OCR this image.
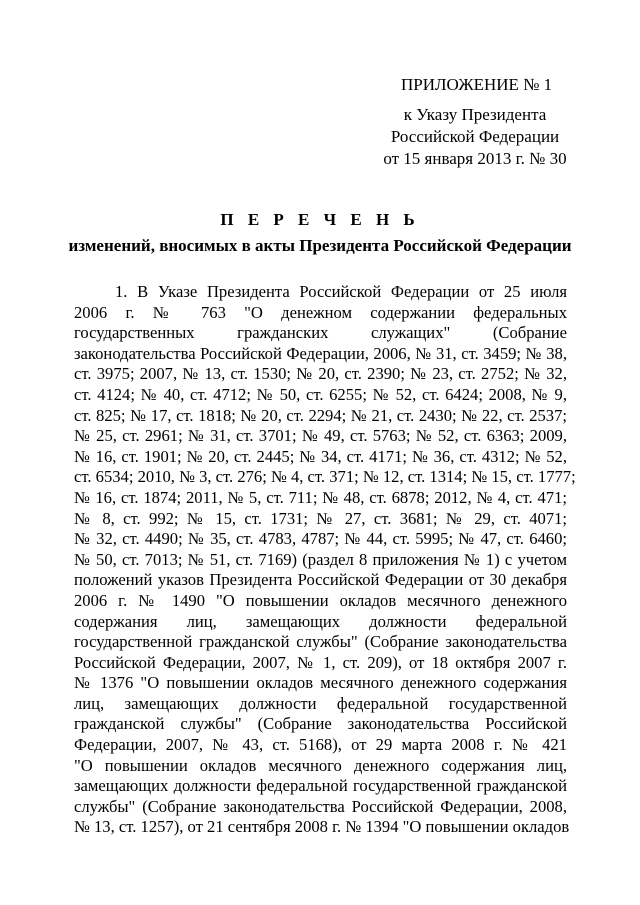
ПРИЛОЖЕНИЕ № 1
к Указу Президента
Российской Федерации
от 15 января 2013 г. № 30
П Е Р Е Ч Е Н Ь
изменений, вносимых в акты Президента Российской Федерации
1. В Указе Президента Российской Федерации от 25 июля
2006 г. № 763 "О денежном содержании федеральных
государственных гражданских служащих" (Собрание
законодательства Российской Федерации, 2006, № 31, ст. 3459; № 38,
ст. 3975; 2007, № 13, ст. 1530; № 20, ст. 2390; № 23, ст. 2752; № 32,
ст. 4124; № 40, ст. 4712; № 50, ст. 6255; № 52, ст. 6424; 2008, № 9,
ст. 825; № 17, ст. 1818; № 20, ст. 2294; № 21, ст. 2430; № 22, ст. 2537;
№ 25, ст. 2961; № 31, ст. 3701; № 49, ст. 5763; № 52, ст. 6363; 2009,
№ 16, ст. 1901; № 20, ст. 2445; № 34, ст. 4171; № 36, ст. 4312; № 52,
ст. 6534; 2010, № 3, ст. 276; № 4, ст. 371; № 12, ст. 1314; № 15, ст. 1777;
№ 16, ст. 1874; 2011, № 5, ст. 711; № 48, ст. 6878; 2012, № 4, ст. 471;
№ 8, ст. 992; № 15, ст. 1731; № 27, ст. 3681; № 29, ст. 4071;
№ 32, ст. 4490; № 35, ст. 4783, 4787; № 44, ст. 5995; № 47, ст. 6460;
№ 50, ст. 7013; № 51, ст. 7169) (раздел 8 приложения № 1) с учетом
положений указов Президента Российской Федерации от 30 декабря
2006 г. № 1490 "О повышении окладов месячного денежного
содержания лиц, замещающих должности федеральной
государственной гражданской службы" (Собрание законодательства
Российской Федерации, 2007, № 1, ст. 209), от 18 октября 2007 г.
№ 1376 "О повышении окладов месячного денежного содержания
лиц, замещающих должности федеральной государственной
гражданской службы" (Собрание законодательства Российской
Федерации, 2007, № 43, ст. 5168), от 29 марта 2008 г. № 421
"О повышении окладов месячного денежного содержания лиц,
замещающих должности федеральной государственной гражданской
службы" (Собрание законодательства Российской Федерации, 2008,
№ 13, ст. 1257), от 21 сентября 2008 г. № 1394 "О повышении окладов
